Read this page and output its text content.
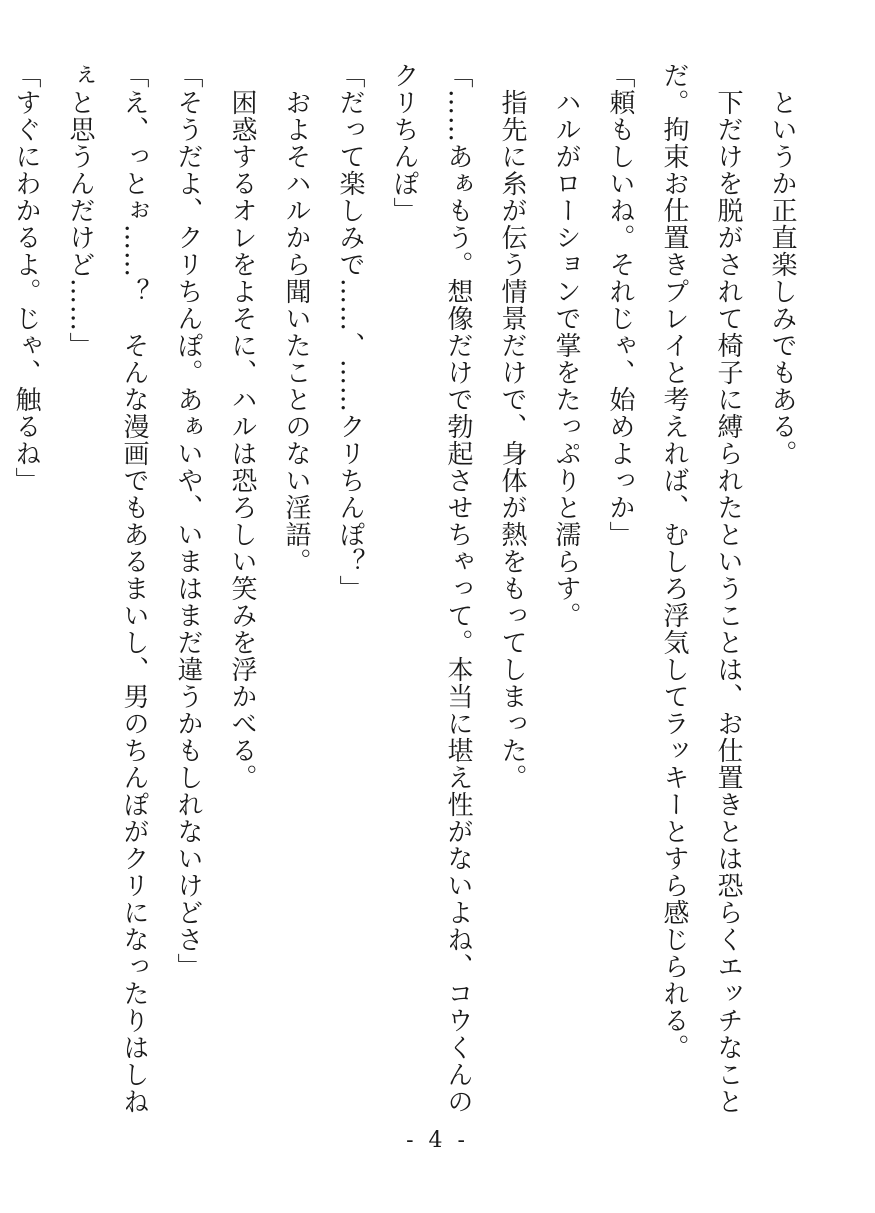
　というか正直楽しみでもある。

　下だけを脱がされて椅子に縛られたということは、お仕置きとは恐らくエッチなことだ。拘束お仕置きプレイと考えれば、むしろ浮気してラッキーとすら感じられる。

「頼もしいね。それじゃ、始めよっか」

　ハルがローションで掌をたっぷりと濡らす。

　指先に糸が伝う情景だけで、身体が熱をもってしまった。

「……あぁもう。想像だけで勃起させちゃって。本当に堪え性がないよね、コウくんのクリちんぽ」

「だって楽しみで……、……クリちんぽ？」

　およそハルから聞いたことのない淫語。

　困惑するオレをよそに、ハルは恐ろしい笑みを浮かべる。

「そうだよ、クリちんぽ。あぁいや、いまはまだ違うかもしれないけどさ」

「え、っとぉ……？　そんな漫画でもあるまいし、男のちんぽがクリになったりはしねぇと思うんだけど……」

「すぐにわかるよ。じゃ、触るね」

- 4 -
